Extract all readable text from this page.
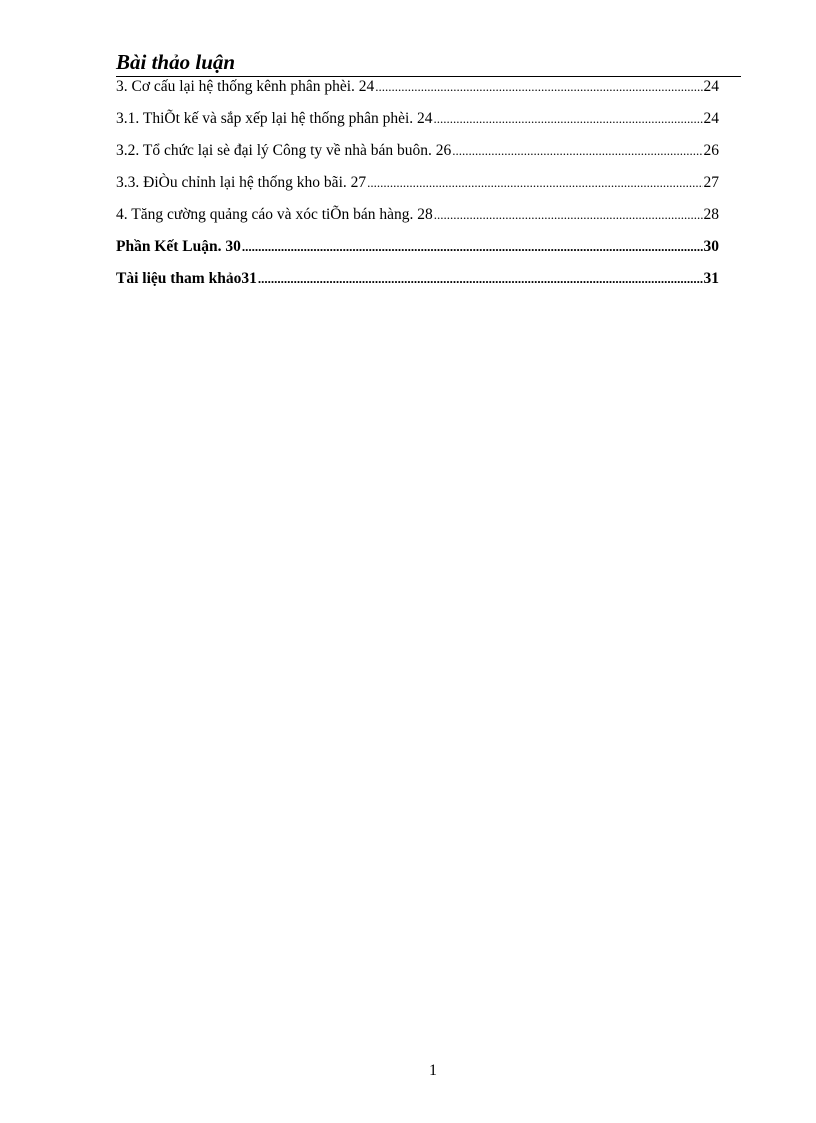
Bài thảo luận
3. Cơ cấu lại hệ thống kênh phân phèi. 24 .....	24
3.1. ThiÕt kế và sắp xếp lại hệ thống phân phèi. 24 .....	24
3.2. Tổ chức lại sè đại lý Công ty về nhà bán buôn. 26 .....	26
3.3. ĐiÒu chỉnh lại hệ thống kho bãi. 27 .....	27
4. Tăng cường quảng cáo và xóc tiÕn bán hàng. 28 .....	28
Phần Kết Luận. 30 .....	30
Tài liệu tham khảo31 .....	31
1
